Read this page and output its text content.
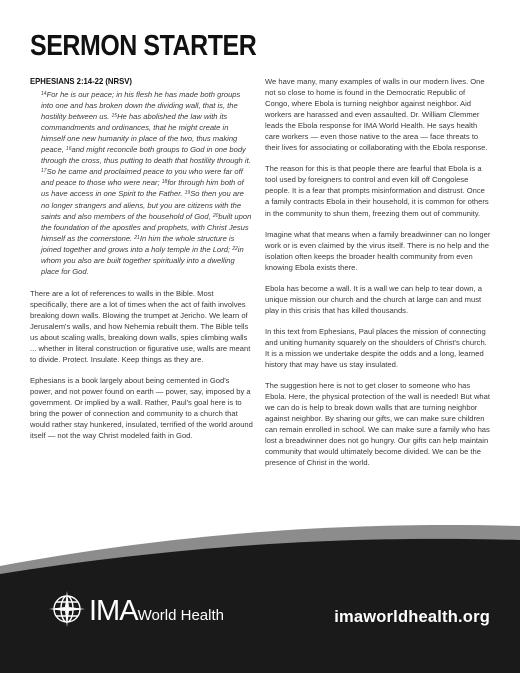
SERMON STARTER
EPHESIANS 2:14-22 (NRSV)
$^{14}$For he is our peace; in his flesh he has made both groups into one and has broken down the dividing wall, that is, the hostility between us. $^{15}$He has abolished the law with its commandments and ordinances, that he might create in himself one new humanity in place of the two, thus making peace, $^{16}$and might reconcile both groups to God in one body through the cross, thus putting to death that hostility through it. $^{17}$So he came and proclaimed peace to you who were far off and peace to those who were near; $^{18}$for through him both of us have access in one Spirit to the Father. $^{19}$So then you are no longer strangers and aliens, but you are citizens with the saints and also members of the household of God, $^{20}$built upon the foundation of the apostles and prophets, with Christ Jesus himself as the cornerstone. $^{21}$In him the whole structure is joined together and grows into a holy temple in the Lord; $^{22}$in whom you also are built together spiritually into a dwelling place for God.

There are a lot of references to walls in the Bible. Most specifically, there are a lot of times when the act of faith involves breaking down walls. Blowing the trumpet at Jericho. We learn of Jerusalem's walls, and how Nehemia rebuilt them. The Bible tells us about scaling walls, breaking down walls, spies climbing walls ... whether in literal construction or figurative use, walls are meant to divide. Protect. Insulate. Keep things as they are.

Ephesians is a book largely about being cemented in God's power, and not power found on earth — power, say, imposed by a government. Or implied by a wall. Rather, Paul's goal here is to bring the power of connection and community to a church that would rather stay hunkered, insulated, terrified of the world around itself — not the way Christ modeled faith in God.

We have many, many examples of walls in our modern lives. One not so close to home is found in the Democratic Republic of Congo, where Ebola is turning neighbor against neighbor. Aid workers are harassed and even assaulted. Dr. William Clemmer leads the Ebola response for IMA World Health. He says health care workers — even those native to the area — face threats to their lives for associating or collaborating with the Ebola response.

The reason for this is that people there are fearful that Ebola is a tool used by foreigners to control and even kill off Congolese people. It is a fear that prompts misinformation and distrust. Once a family contracts Ebola in their household, it is common for others in the community to shun them, freezing them out of community.

Imagine what that means when a family breadwinner can no longer work or is even claimed by the virus itself. There is no help and the isolation often keeps the broader health community from even knowing Ebola exists there.

Ebola has become a wall. It is a wall we can help to tear down, a unique mission our church and the church at large can and must play in this crisis that has killed thousands.

In this text from Ephesians, Paul places the mission of connecting and uniting humanity squarely on the shoulders of Christ's church. It is a mission we undertake despite the odds and a long, learned history that may have us stay insulated.

The suggestion here is not to get closer to someone who has Ebola. Here, the physical protection of the wall is needed! But what we can do is help to break down walls that are turning neighbor against neighbor. By sharing our gifts, we can make sure children can remain enrolled in school. We can make sure a family who has lost a breadwinner does not go hungry. Our gifts can help maintain community that would ultimately become divided. We can be the presence of Christ in the world.

IMAWorld Health	imaworldhealth.org
